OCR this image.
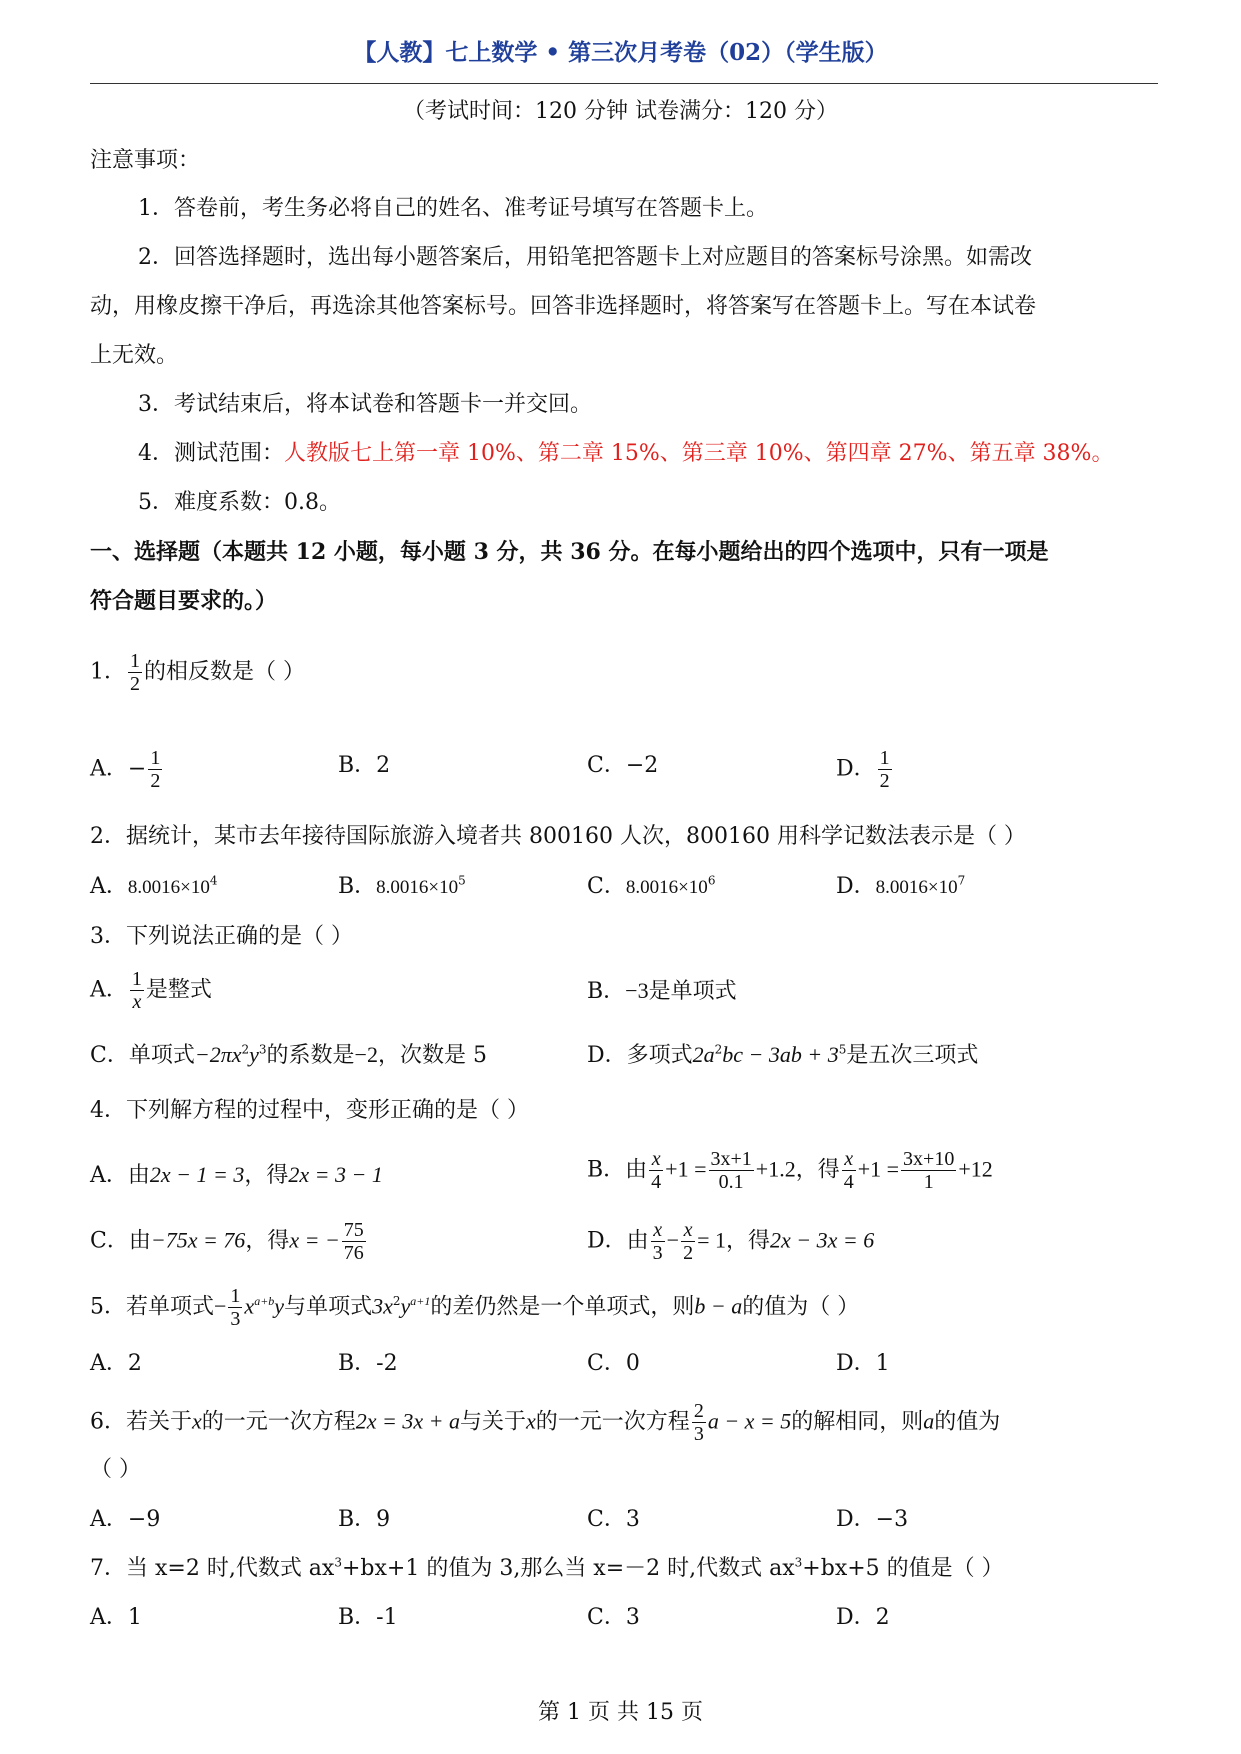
【人教】七上数学 • 第三次月考卷（02）（学生版）
（考试时间：120 分钟 试卷满分：120 分）
注意事项：
1．答卷前，考生务必将自己的姓名、准考证号填写在答题卡上。
2．回答选择题时，选出每小题答案后，用铅笔把答题卡上对应题目的答案标号涂黑。如需改
动，用橡皮擦干净后，再选涂其他答案标号。回答非选择题时，将答案写在答题卡上。写在本试卷
上无效。
3．考试结束后，将本试卷和答题卡一并交回。
4．测试范围：人教版七上第一章 10%、第二章 15%、第三章 10%、第四章 27%、第五章 38%。
5．难度系数：0.8。
一、选择题（本题共 12 小题，每小题 3 分，共 36 分。在每小题给出的四个选项中，只有一项是
符合题目要求的。）
1． $\frac{1}{2}$ 的相反数是（ ）
A．− $\frac{1}{2}$	B．2	C．−2	D． $\frac{1}{2}$
2．据统计，某市去年接待国际旅游入境者共 800160 人次，800160 用科学记数法表示是（ ）
A．$8.0016\times 10^4$	B．$8.0016\times 10^5$	C．$8.0016\times 10^6$	D．$8.0016\times 10^7$
3．下列说法正确的是（ ）
A． $\frac{1}{x}$ 是整式	B．−3是单项式
C．单项式$-2\pi x^2y^3$的系数是−2，次数是 5	D．多项式$2a^2bc - 3ab + 3^5$是五次三项式
4．下列解方程的过程中，变形正确的是（ ）
A．由2x − 1 = 3，得2x = 3 − 1	B．由 $\frac{x}{4} +1 = \frac{3x+1}{0.1} +1.2$，得 $\frac{x}{4} +1 = \frac{3x+10}{1} +12$
C．由−75x = 76，得x = − $\frac{75}{76}$	D．由 $\frac{x}{3} - \frac{x}{2} = 1$，得2x − 3x = 6
5．若单项式− $\frac{1}{3} x^{a+b}y$与单项式$3x^2y^{a+1}$的差仍然是一个单项式，则b − a的值为（ ）
A．2	B．-2	C．0	D．1
6．若关于x的一元一次方程2x = 3x + a与关于x的一元一次方程 $\frac{2}{3}$ a − x = 5的解相同，则a的值为
（ ）
A．−9	B．9	C．3	D．−3
7．当 x=2 时,代数式 $ax^3+bx+1$ 的值为 3,那么当 x=－2 时,代数式 $ax^3+bx+5$ 的值是（ ）
A．1	B．-1	C．3	D．2
第 1 页 共 15 页
